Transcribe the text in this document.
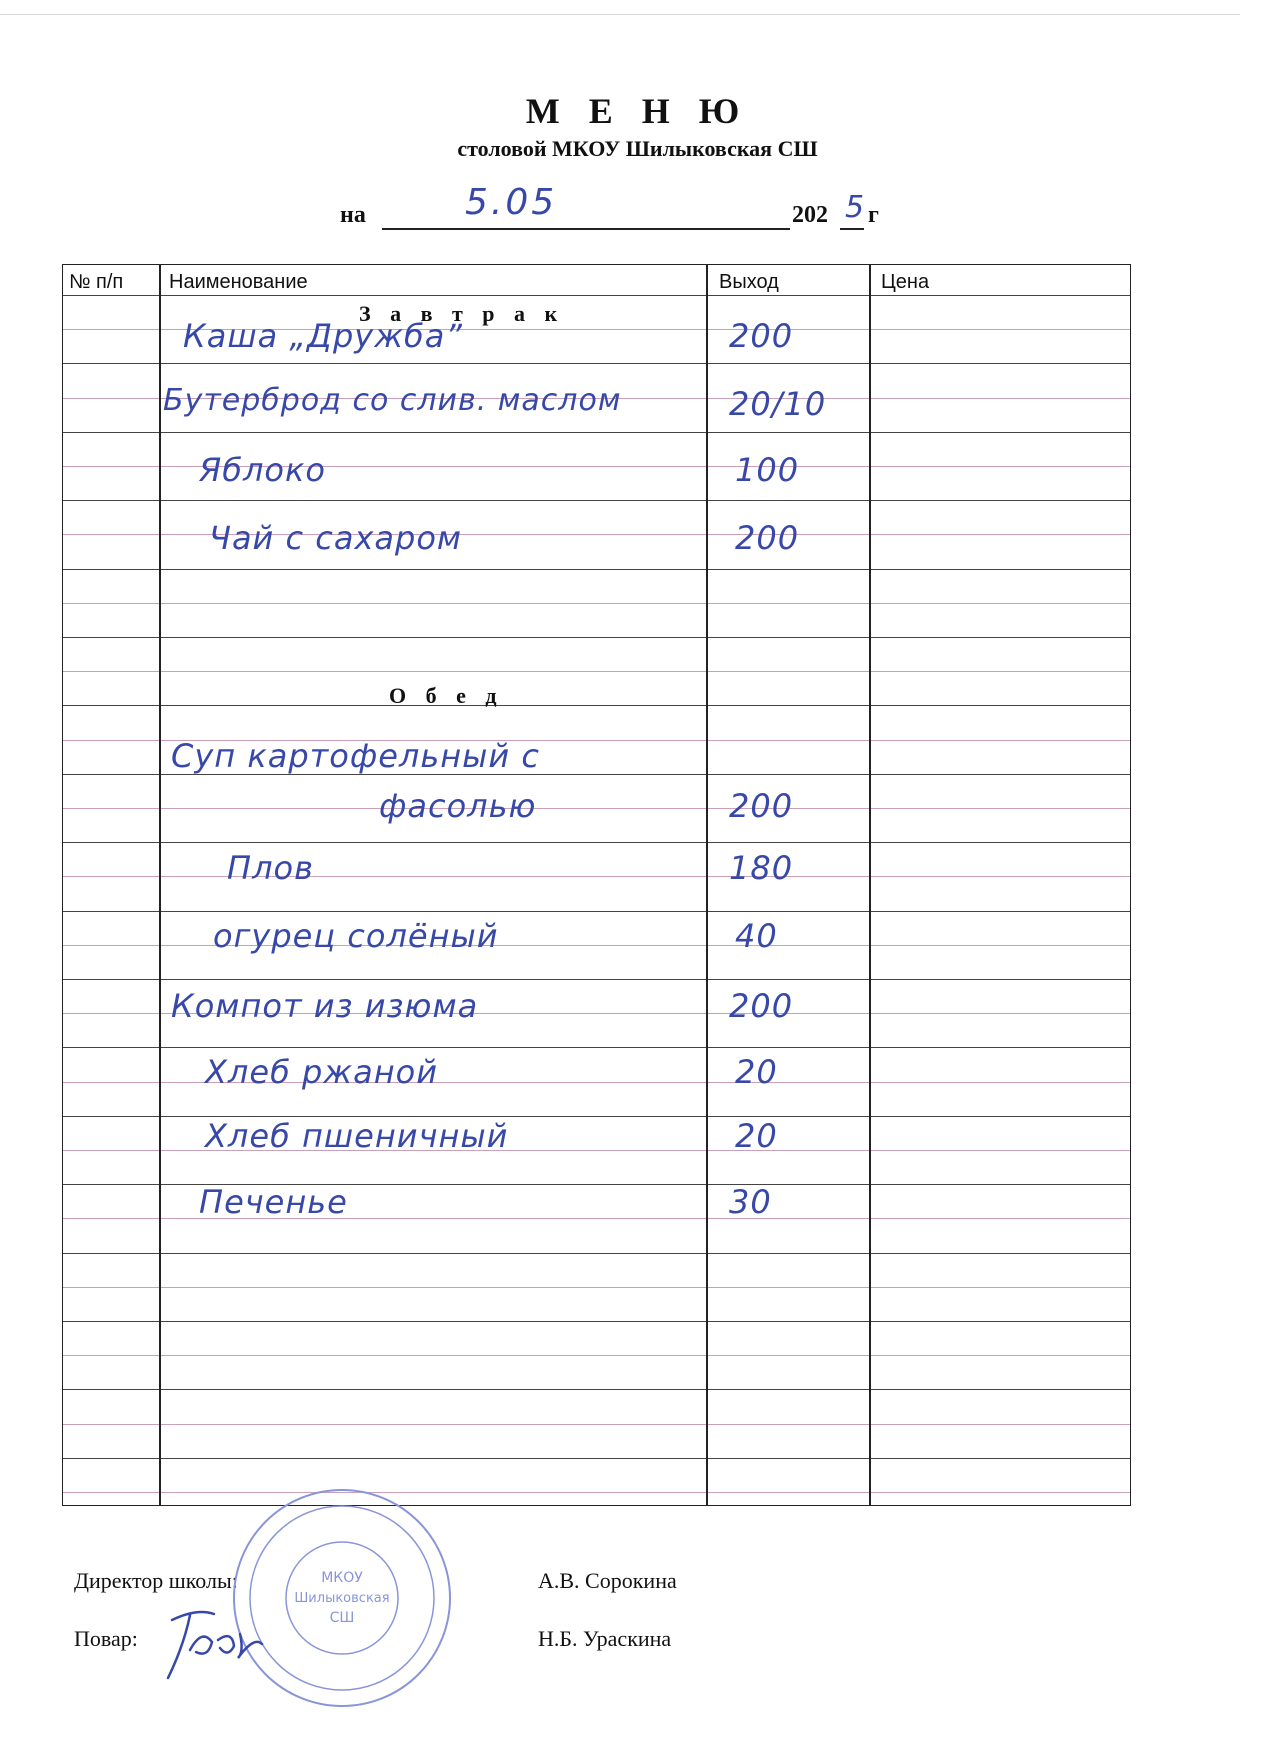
М Е Н Ю
столовой МКОУ Шилыковская СШ
на	5.05	202 5 г
№ п/п Наименование	Выход	Цена
З а в т р а к
Каша „Дружба”	200
Бутерброд со слив. маслом	20/10
Яблоко	100
Чай с сахаром	200
О б е д
Суп картофельный с
фасолью	200
Плов	180
огурец солёный	40
Компот из изюма	200
Хлеб ржаной	20
Хлеб пшеничный	20
Печенье	30
Директор школы:	А.В. Сорокина
Повар:	Н.Б. Ураскина
МКОУ
Шилыковская
СШ
